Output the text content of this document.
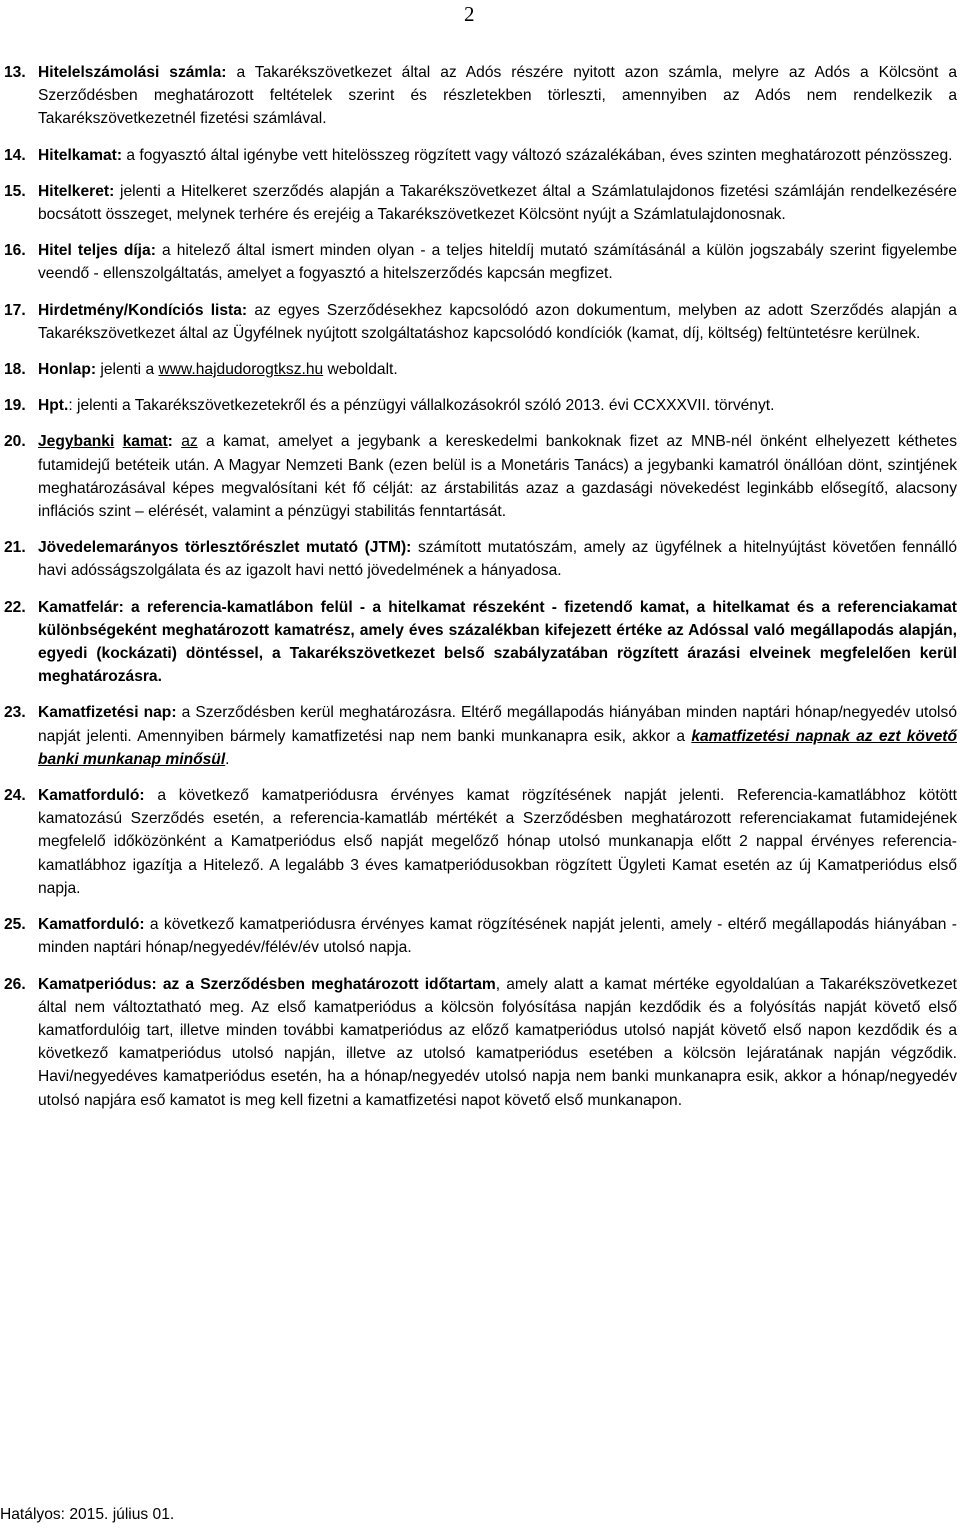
2
13. Hitelelszámolási számla: a Takarékszövetkezet által az Adós részére nyitott azon számla, melyre az Adós a Kölcsönt a Szerződésben meghatározott feltételek szerint és részletekben törleszti, amennyiben az Adós nem rendelkezik a Takarékszövetkezetnél fizetési számlával.
14. Hitelkamat: a fogyasztó által igénybe vett hitelösszeg rögzített vagy változó százalékában, éves szinten meghatározott pénzösszeg.
15. Hitelkeret: jelenti a Hitelkeret szerződés alapján a Takarékszövetkezet által a Számlatulajdonos fizetési számláján rendelkezésére bocsátott összeget, melynek terhére és erejéig a Takarékszövetkezet Kölcsönt nyújt a Számlatulajdonosnak.
16. Hitel teljes díja: a hitelező által ismert minden olyan - a teljes hiteldíj mutató számításánál a külön jogszabály szerint figyelembe veendő - ellenszolgáltatás, amelyet a fogyasztó a hitelszerződés kapcsán megfizet.
17. Hirdetmény/Kondíciós lista: az egyes Szerződésekhez kapcsolódó azon dokumentum, melyben az adott Szerződés alapján a Takarékszövetkezet által az Ügyfélnek nyújtott szolgáltatáshoz kapcsolódó kondíciók (kamat, díj, költség) feltüntetésre kerülnek.
18. Honlap: jelenti a www.hajdudorogtksz.hu weboldalt.
19. Hpt.: jelenti a Takarékszövetkezetekről és a pénzügyi vállalkozásokról szóló 2013. évi CCXXXVII. törvényt.
20. Jegybanki kamat: az a kamat, amelyet a jegybank a kereskedelmi bankoknak fizet az MNB-nél önként elhelyezett kéthetes futamidejű betéteik után. A Magyar Nemzeti Bank (ezen belül is a Monetáris Tanács) a jegybanki kamatról önállóan dönt, szintjének meghatározásával képes megvalósítani két fő célját: az árstabilitás azaz a gazdasági növekedést leginkább elősegítő, alacsony inflációs szint – elérését, valamint a pénzügyi stabilitás fenntartását.
21. Jövedelemarányos törlesztőrészlet mutató (JTM): számított mutatószám, amely az ügyfélnek a hitelnyújtást követően fennálló havi adósságszolgálata és az igazolt havi nettó jövedelmének a hányadosa.
22. Kamatfelár: a referencia-kamatlábon felül - a hitelkamat részeként - fizetendő kamat, a hitelkamat és a referenciakamat különbségeként meghatározott kamatrész, amely éves százalékban kifejezett értéke az Adóssal való megállapodás alapján, egyedi (kockázati) döntéssel, a Takarékszövetkezet belső szabályzatában rögzített árazási elveinek megfelelően kerül meghatározásra.
23. Kamatfizetési nap: a Szerződésben kerül meghatározásra. Eltérő megállapodás hiányában minden naptári hónap/negyedév utolsó napját jelenti. Amennyiben bármely kamatfizetési nap nem banki munkanapra esik, akkor a kamatfizetési napnak az ezt követő banki munkanap minősül.
24. Kamatforduló: a következő kamatperiódusra érvényes kamat rögzítésének napját jelenti. Referencia-kamatlábhoz kötött kamatozású Szerződés esetén, a referencia-kamatláb mértékét a Szerződésben meghatározott referenciakamat futamidejének megfelelő időközönként a Kamatperiódus első napját megelőző hónap utolsó munkanapja előtt 2 nappal érvényes referencia-kamatlábhoz igazítja a Hitelező. A legalább 3 éves kamatperiódusokban rögzített Ügyleti Kamat esetén az új Kamatperiódus első napja.
25. Kamatforduló: a következő kamatperiódusra érvényes kamat rögzítésének napját jelenti, amely - eltérő megállapodás hiányában - minden naptári hónap/negyedév/félév/év utolsó napja.
26. Kamatperiódus: az a Szerződésben meghatározott időtartam, amely alatt a kamat mértéke egyoldalúan a Takarékszövetkezet által nem változtatható meg. Az első kamatperiódus a kölcsön folyósítása napján kezdődik és a folyósítás napját követő első kamatfordulóig tart, illetve minden további kamatperiódus az előző kamatperiódus utolsó napját követő első napon kezdődik és a következő kamatperiódus utolsó napján, illetve az utolsó kamatperiódus esetében a kölcsön lejáratának napján végződik. Havi/negyedéves kamatperiódus esetén, ha a hónap/negyedév utolsó napja nem banki munkanapra esik, akkor a hónap/negyedév utolsó napjára eső kamatot is meg kell fizetni a kamatfizetési napot követő első munkanapon.
Hatályos: 2015. július 01.
